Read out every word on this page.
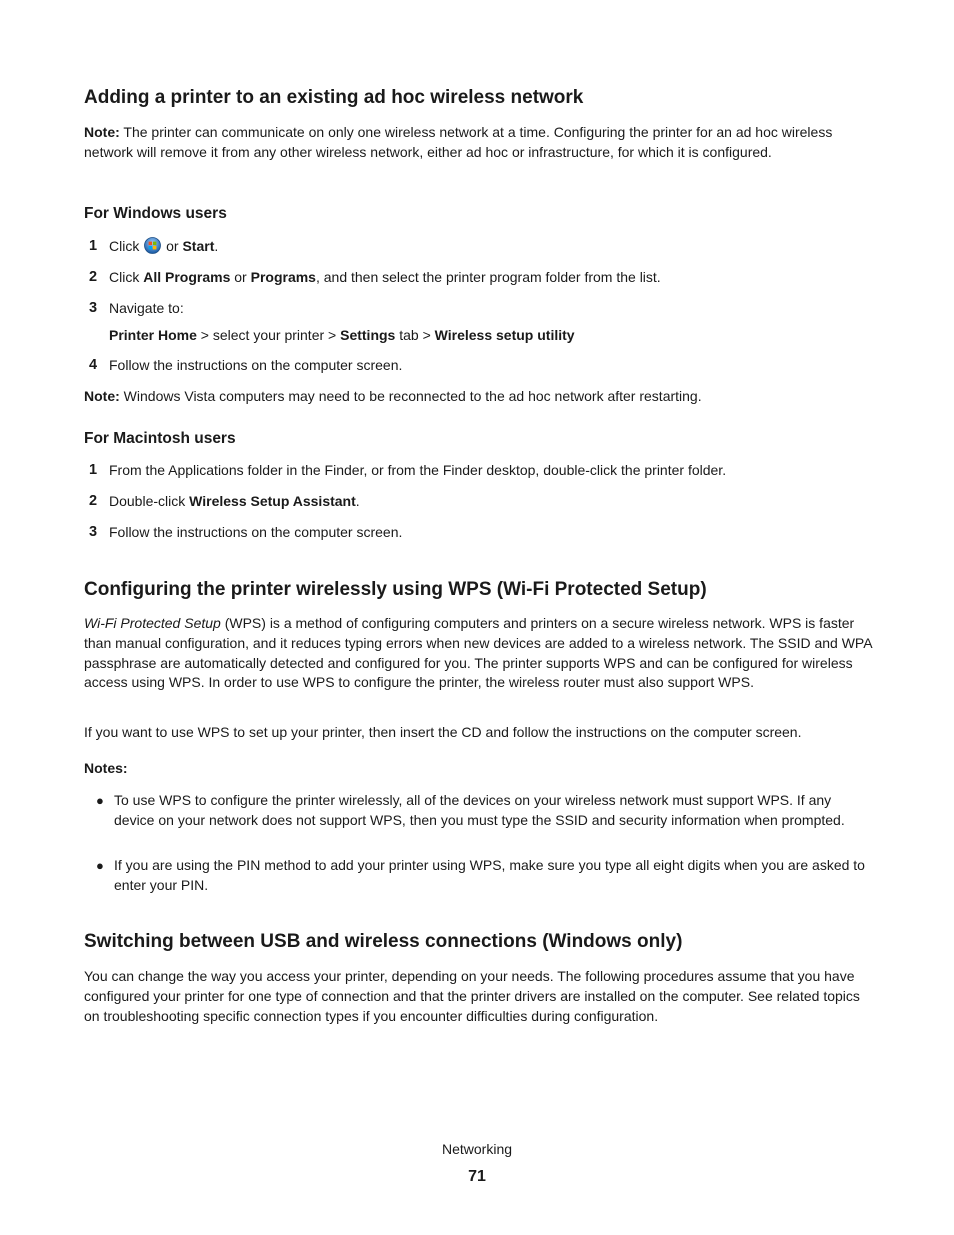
Adding a printer to an existing ad hoc wireless network

Note: The printer can communicate on only one wireless network at a time. Configuring the printer for an ad hoc wireless network will remove it from any other wireless network, either ad hoc or infrastructure, for which it is configured.

For Windows users
1 Click  or Start.
2 Click All Programs or Programs, and then select the printer program folder from the list.
3 Navigate to:
Printer Home > select your printer > Settings tab > Wireless setup utility
4 Follow the instructions on the computer screen.

Note: Windows Vista computers may need to be reconnected to the ad hoc network after restarting.

For Macintosh users
1 From the Applications folder in the Finder, or from the Finder desktop, double-click the printer folder.
2 Double-click Wireless Setup Assistant.
3 Follow the instructions on the computer screen.
Configuring the printer wirelessly using WPS (Wi-Fi Protected Setup)

Wi-Fi Protected Setup (WPS) is a method of configuring computers and printers on a secure wireless network. WPS is faster than manual configuration, and it reduces typing errors when new devices are added to a wireless network. The SSID and WPA passphrase are automatically detected and configured for you. The printer supports WPS and can be configured for wireless access using WPS. In order to use WPS to configure the printer, the wireless router must also support WPS.

If you want to use WPS to set up your printer, then insert the CD and follow the instructions on the computer screen.

Notes:

● To use WPS to configure the printer wirelessly, all of the devices on your wireless network must support WPS. If any device on your network does not support WPS, then you must type the SSID and security information when prompted.
● If you are using the PIN method to add your printer using WPS, make sure you type all eight digits when you are asked to enter your PIN.
Switching between USB and wireless connections (Windows only)

You can change the way you access your printer, depending on your needs. The following procedures assume that you have configured your printer for one type of connection and that the printer drivers are installed on the computer. See related topics on troubleshooting specific connection types if you encounter difficulties during configuration.

Networking
71
